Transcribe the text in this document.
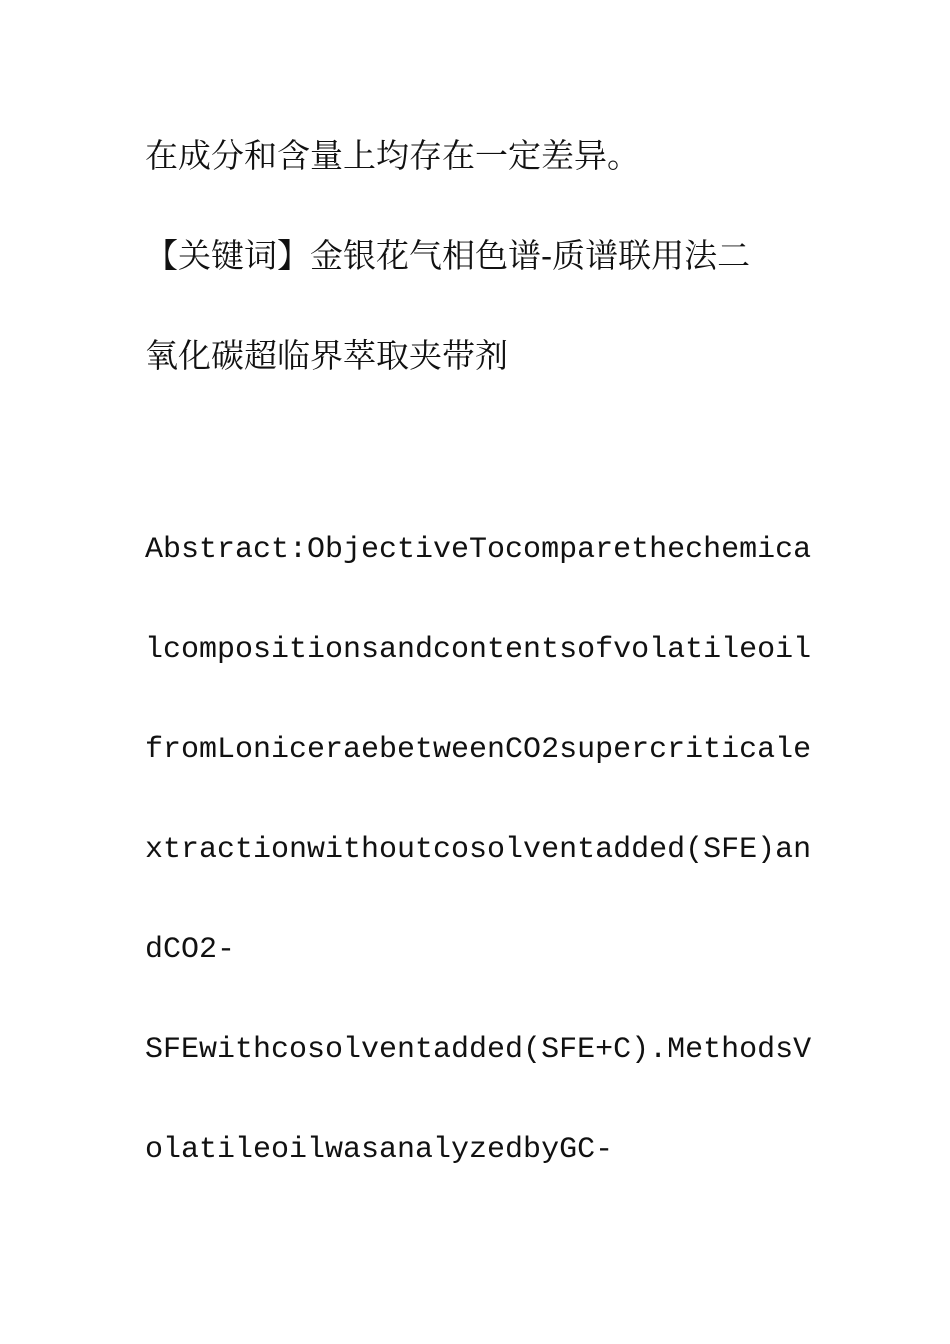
在成分和含量上均存在一定差异。
【关键词】金银花气相色谱-质谱联用法二
氧化碳超临界萃取夹带剂
Abstract:ObjectiveTocomparethechemica
lcompositionsandcontentsofvolatileoil
fromLoniceraebetweenCO2supercriticale
xtractionwithoutcosolventadded(SFE)an
dCO2-
SFEwithcosolventadded(SFE+C).MethodsV
olatileoilwasanalyzedbyGC-
